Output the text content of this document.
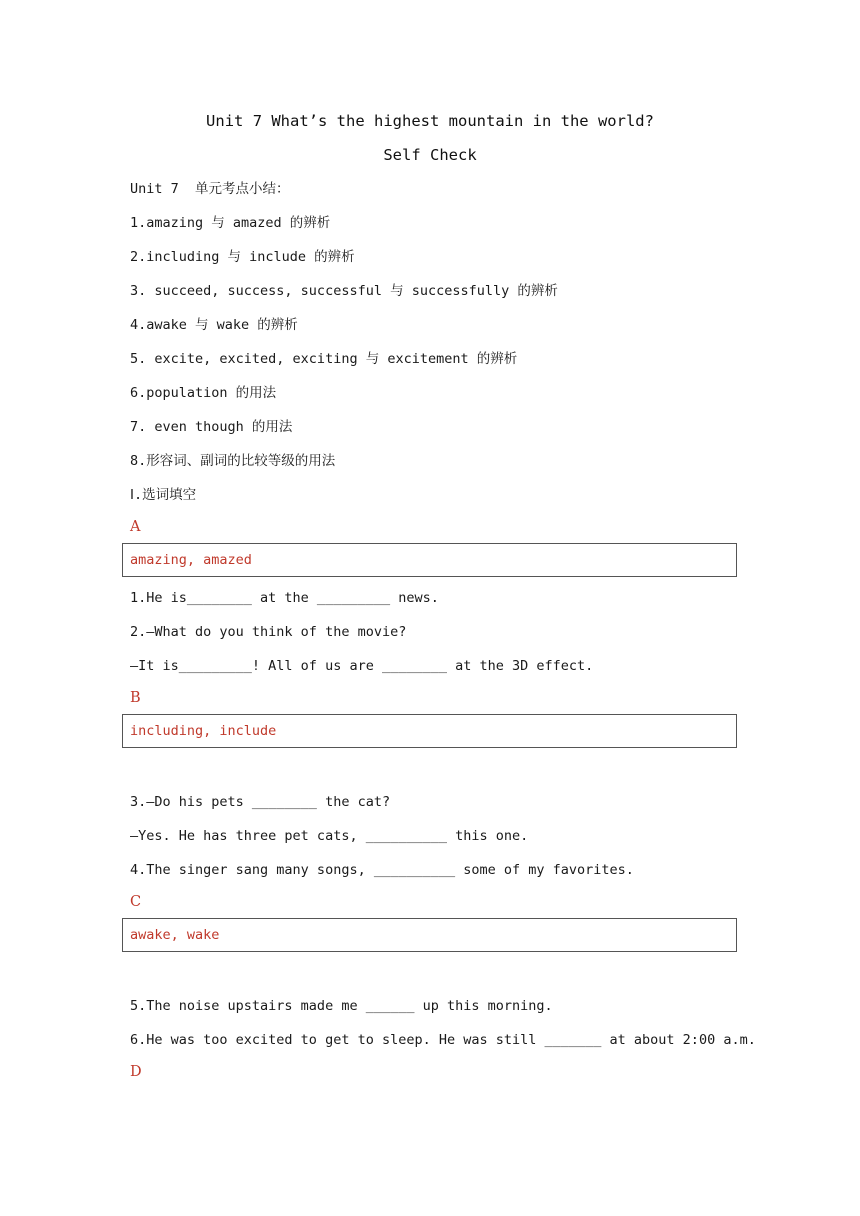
Unit 7 What’s the highest mountain in the world?
Self Check
Unit 7  单元考点小结：
1.amazing 与 amazed 的辨析
2.including 与 include 的辨析
3. succeed, success, successful 与 successfully 的辨析
4.awake 与 wake 的辨析
5. excite, excited, exciting 与 excitement 的辨析
6.population 的用法
7. even though 的用法
8.形容词、副词的比较等级的用法
Ⅰ.选词填空
A
amazing, amazed
1.He is________ at the _________ news.
2.—What do you think of the movie?
—It is_________! All of us are ________ at the 3D effect.
B
including, include
3.—Do his pets ________ the cat?
—Yes. He has three pet cats, __________ this one.
4.The singer sang many songs, __________ some of my favorites.
C
awake, wake
5.The noise upstairs made me ______ up this morning.
6.He was too excited to get to sleep. He was still _______ at about 2:00 a.m.
D
